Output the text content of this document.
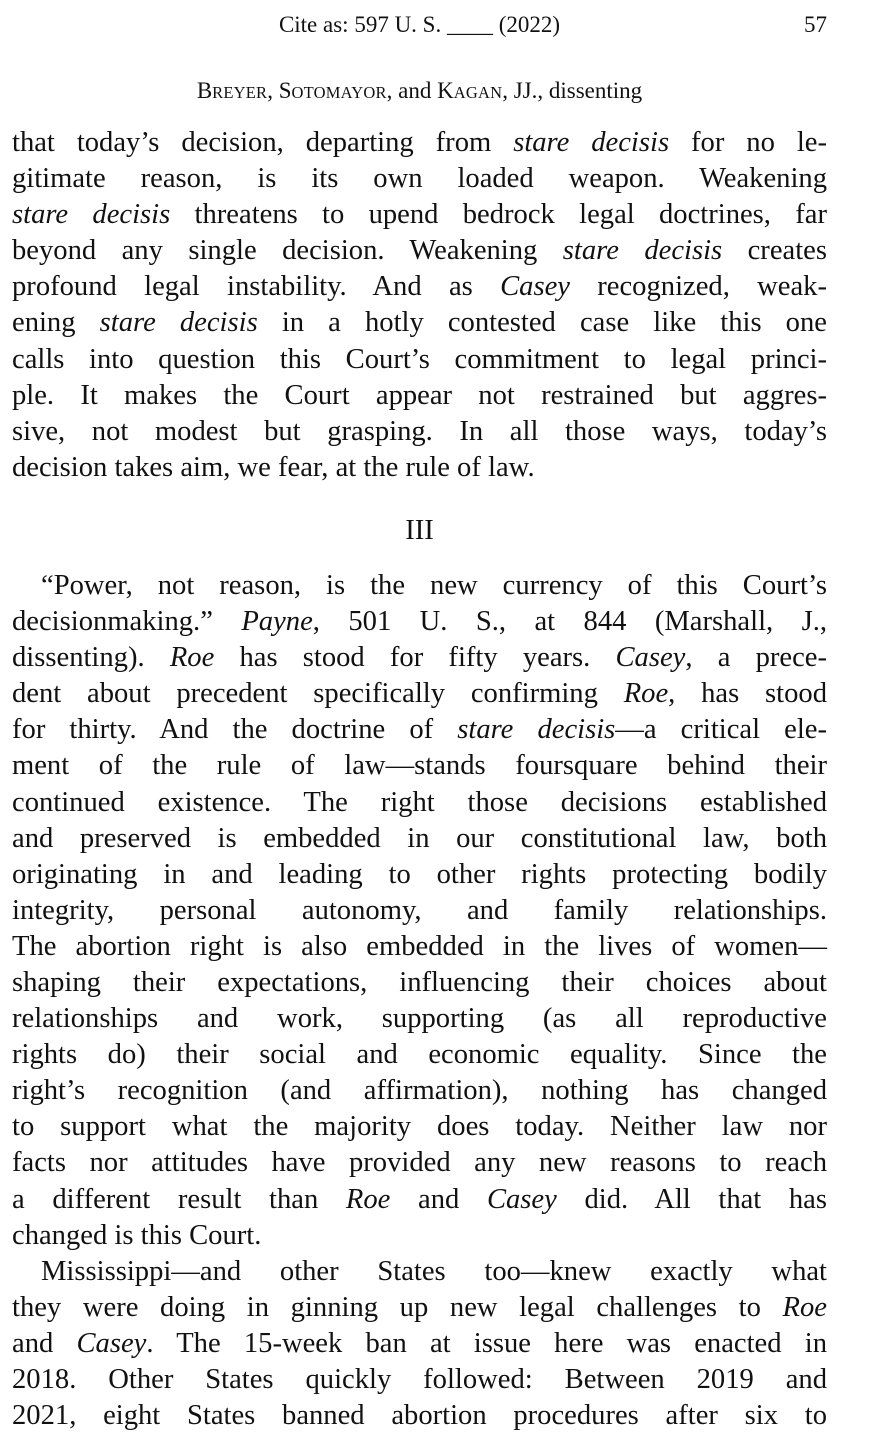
Cite as: 597 U. S. ____ (2022)	57
BREYER, SOTOMAYOR, and KAGAN, JJ., dissenting

that today’s decision, departing from stare decisis for no le-
gitimate reason, is its own loaded weapon. Weakening
stare decisis threatens to upend bedrock legal doctrines, far
beyond any single decision. Weakening stare decisis creates
profound legal instability. And as Casey recognized, weak-
ening stare decisis in a hotly contested case like this one
calls into question this Court’s commitment to legal princi-
ple. It makes the Court appear not restrained but aggres-
sive, not modest but grasping. In all those ways, today’s
decision takes aim, we fear, at the rule of law.

III

“Power, not reason, is the new currency of this Court’s
decisionmaking.” Payne, 501 U. S., at 844 (Marshall, J.,
dissenting). Roe has stood for fifty years. Casey, a prece-
dent about precedent specifically confirming Roe, has stood
for thirty. And the doctrine of stare decisis—a critical ele-
ment of the rule of law—stands foursquare behind their
continued existence. The right those decisions established
and preserved is embedded in our constitutional law, both
originating in and leading to other rights protecting bodily
integrity, personal autonomy, and family relationships.
The abortion right is also embedded in the lives of women—
shaping their expectations, influencing their choices about
relationships and work, supporting (as all reproductive
rights do) their social and economic equality. Since the
right’s recognition (and affirmation), nothing has changed
to support what the majority does today. Neither law nor
facts nor attitudes have provided any new reasons to reach
a different result than Roe and Casey did. All that has
changed is this Court.

Mississippi—and other States too—knew exactly what
they were doing in ginning up new legal challenges to Roe
and Casey. The 15-week ban at issue here was enacted in
2018. Other States quickly followed: Between 2019 and
2021, eight States banned abortion procedures after six to
